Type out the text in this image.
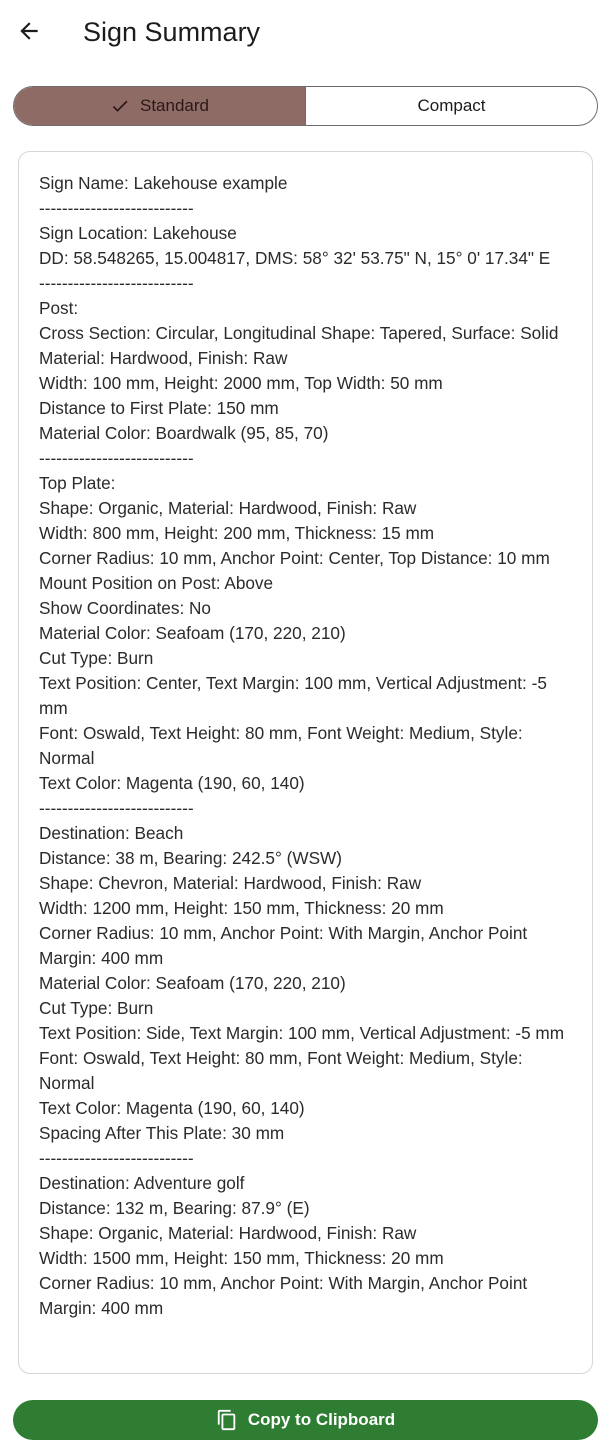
Sign Summary
Standard	Compact
Sign Name: Lakehouse example
---------------------------
Sign Location: Lakehouse
DD: 58.548265, 15.004817, DMS: 58° 32' 53.75" N, 15° 0' 17.34" E
---------------------------
Post:
Cross Section: Circular, Longitudinal Shape: Tapered, Surface: Solid
Material: Hardwood, Finish: Raw
Width: 100 mm, Height: 2000 mm, Top Width: 50 mm
Distance to First Plate: 150 mm
Material Color: Boardwalk (95, 85, 70)
---------------------------
Top Plate:
Shape: Organic, Material: Hardwood, Finish: Raw
Width: 800 mm, Height: 200 mm, Thickness: 15 mm
Corner Radius: 10 mm, Anchor Point: Center, Top Distance: 10 mm
Mount Position on Post: Above
Show Coordinates: No
Material Color: Seafoam (170, 220, 210)
Cut Type: Burn
Text Position: Center, Text Margin: 100 mm, Vertical Adjustment: -5 mm
Font: Oswald, Text Height: 80 mm, Font Weight: Medium, Style: Normal
Text Color: Magenta (190, 60, 140)
---------------------------
Destination: Beach
Distance: 38 m, Bearing: 242.5° (WSW)
Shape: Chevron, Material: Hardwood, Finish: Raw
Width: 1200 mm, Height: 150 mm, Thickness: 20 mm
Corner Radius: 10 mm, Anchor Point: With Margin, Anchor Point Margin: 400 mm
Material Color: Seafoam (170, 220, 210)
Cut Type: Burn
Text Position: Side, Text Margin: 100 mm, Vertical Adjustment: -5 mm
Font: Oswald, Text Height: 80 mm, Font Weight: Medium, Style: Normal
Text Color: Magenta (190, 60, 140)
Spacing After This Plate: 30 mm
---------------------------
Destination: Adventure golf
Distance: 132 m, Bearing: 87.9° (E)
Shape: Organic, Material: Hardwood, Finish: Raw
Width: 1500 mm, Height: 150 mm, Thickness: 20 mm
Corner Radius: 10 mm, Anchor Point: With Margin, Anchor Point Margin: 400 mm
Copy to Clipboard
